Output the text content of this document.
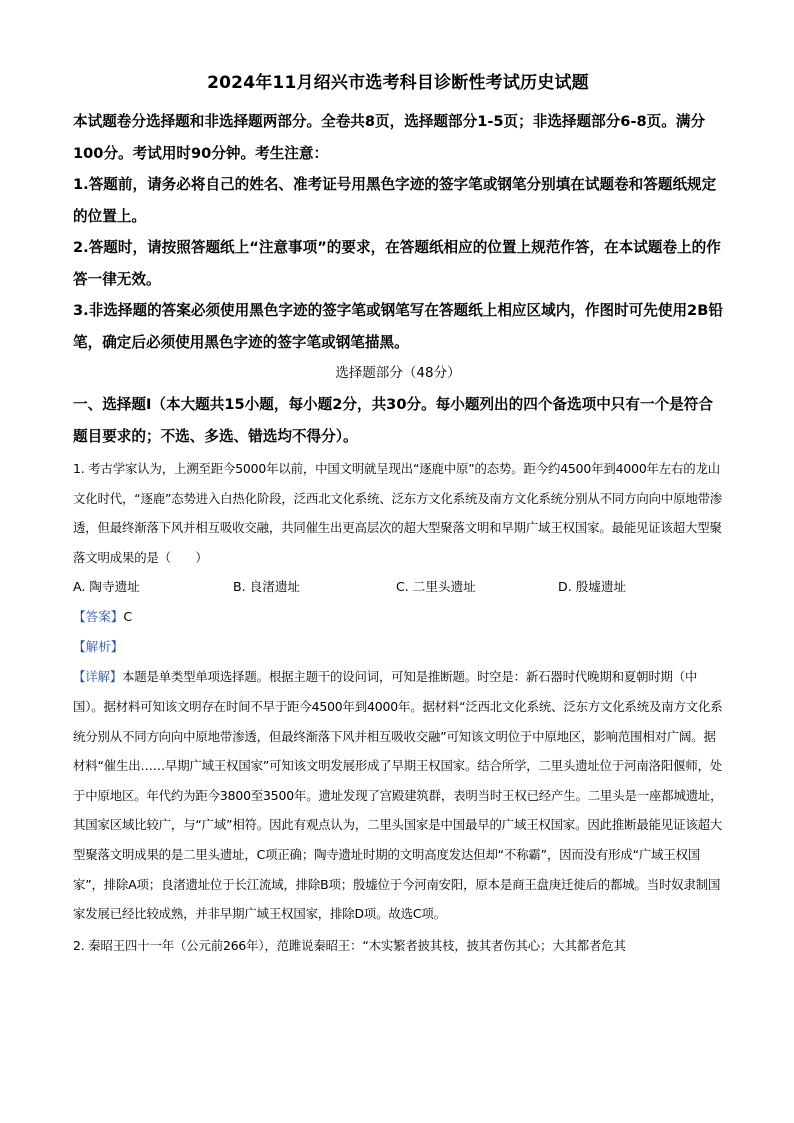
2024年11月绍兴市选考科目诊断性考试历史试题

本试题卷分选择题和非选择题两部分。全卷共8页，选择题部分1-5页；非选择题部分6-8页。满分100分。考试用时90分钟。考生注意：

1.答题前，请务必将自己的姓名、准考证号用黑色字迹的签字笔或钢笔分别填在试题卷和答题纸规定的位置上。

2.答题时，请按照答题纸上“注意事项”的要求，在答题纸相应的位置上规范作答，在本试题卷上的作答一律无效。

3.非选择题的答案必须使用黑色字迹的签字笔或钢笔写在答题纸上相应区域内，作图时可先使用2B铅笔，确定后必须使用黑色字迹的签字笔或钢笔描黑。

选择题部分（48分）

一、选择题Ⅰ（本大题共15小题，每小题2分，共30分。每小题列出的四个备选项中只有一个是符合题目要求的；不选、多选、错选均不得分）。

1. 考古学家认为，上溯至距今5000年以前，中国文明就呈现出“逐鹿中原”的态势。距今约4500年到4000年左右的龙山文化时代，“逐鹿”态势进入白热化阶段，泛西北文化系统、泛东方文化系统及南方文化系统分别从不同方向向中原地带渗透，但最终渐落下风并相互吸收交融，共同催生出更高层次的超大型聚落文明和早期广域王权国家。最能见证该超大型聚落文明成果的是（　　）

A. 陶寺遗址	B. 良渚遗址	C. 二里头遗址	D. 殷墟遗址

【答案】C

【解析】

【详解】本题是单类型单项选择题。根据主题干的设问词，可知是推断题。时空是：新石器时代晚期和夏朝时期（中国）。据材料可知该文明存在时间不早于距今4500年到4000年。据材料“泛西北文化系统、泛东方文化系统及南方文化系统分别从不同方向向中原地带渗透，但最终渐落下风并相互吸收交融”可知该文明位于中原地区，影响范围相对广阔。据材料“催生出……早期广域王权国家”可知该文明发展形成了早期王权国家。结合所学，二里头遗址位于河南洛阳偃师，处于中原地区。年代约为距今3800至3500年。遗址发现了宫殿建筑群，表明当时王权已经产生。二里头是一座都城遗址，其国家区域比较广，与“广域”相符。因此有观点认为，二里头国家是中国最早的广域王权国家。因此推断最能见证该超大型聚落文明成果的是二里头遗址，C项正确；陶寺遗址时期的文明高度发达但却“不称霸”，因而没有形成“广域王权国家”，排除A项；良渚遗址位于长江流域，排除B项；殷墟位于今河南安阳，原本是商王盘庚迁徙后的都城。当时奴隶制国家发展已经比较成熟，并非早期广域王权国家，排除D项。故选C项。

2. 秦昭王四十一年（公元前266年），范雎说秦昭王：“木实繁者披其枝，披其者伤其心；大其都者危其
